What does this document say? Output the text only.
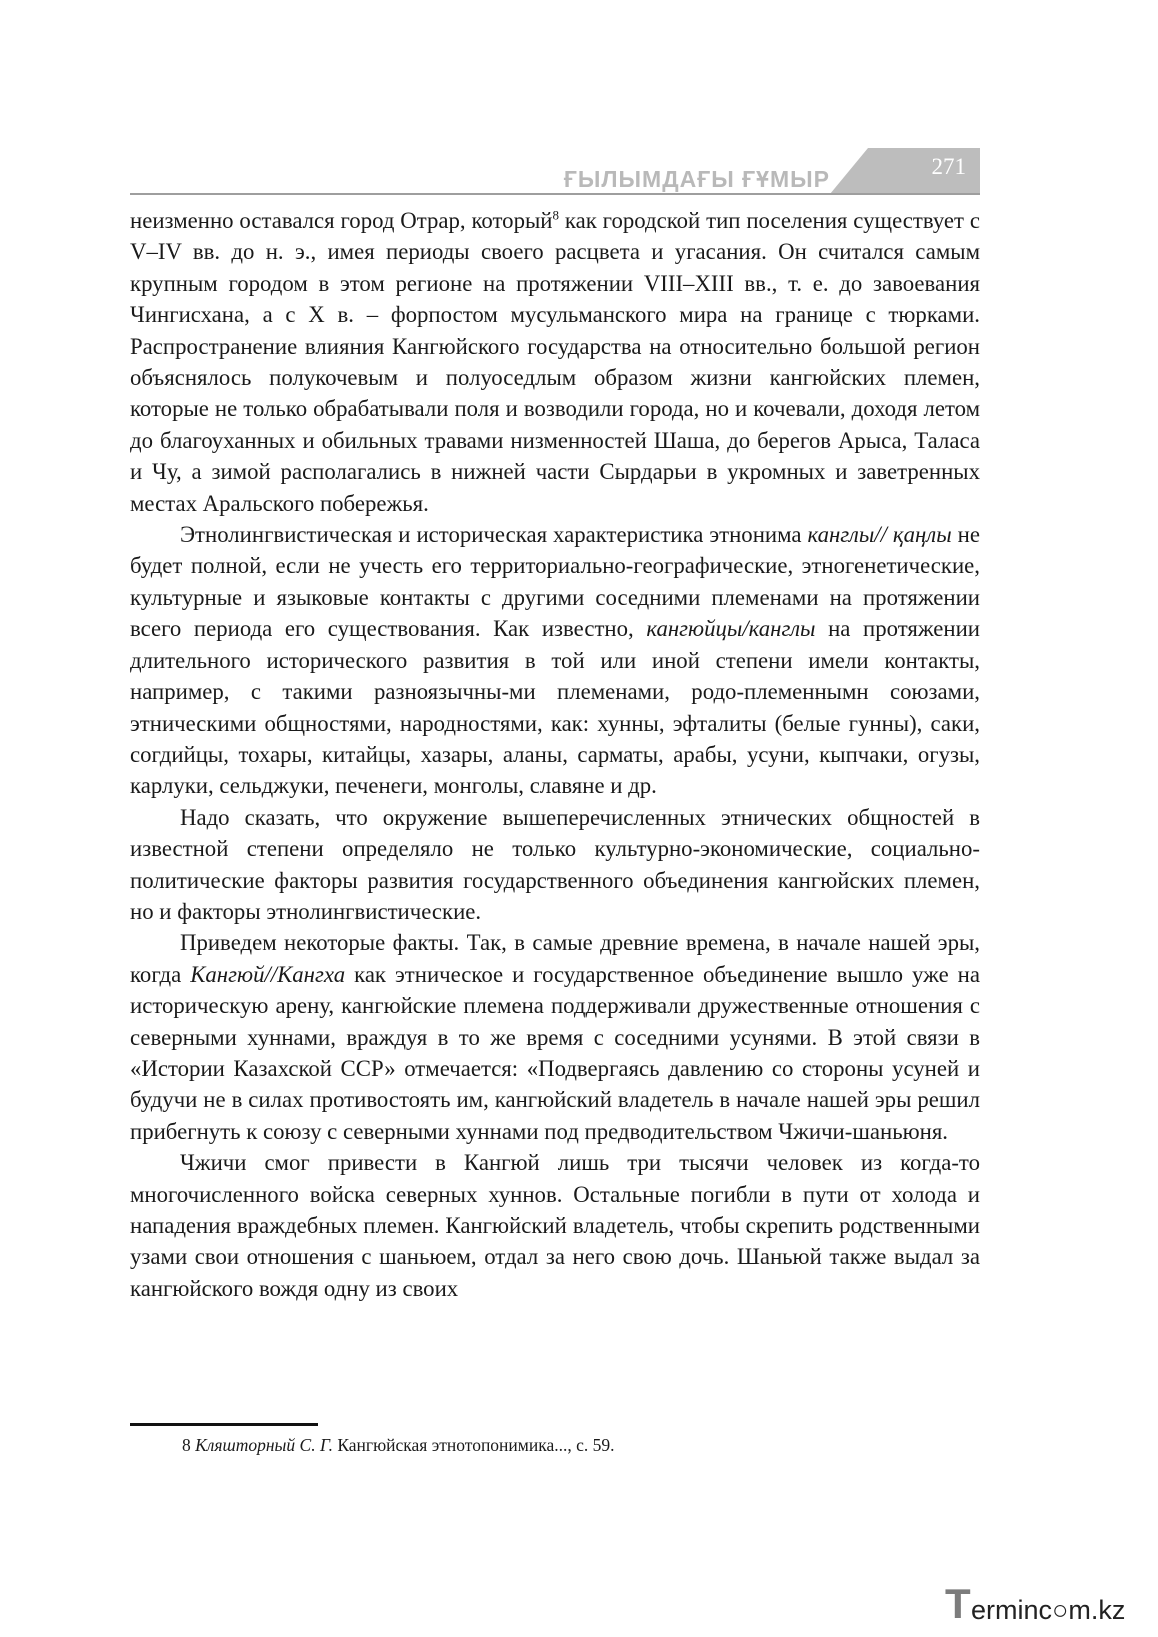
ҒЫЛЫМДАҒЫ ҒҰМЫР	271

неизменно оставался город Отрар, который$^8$ как городской тип поселения существует с V–IV вв. до н. э., имея периоды своего расцвета и угасания. Он считался самым крупным городом в этом регионе на протяжении VIII–XIII вв., т. е. до завоевания Чингисхана, а с X в. – форпостом мусульманского мира на границе с тюрками. Распространение влияния Кангюйского государства на относительно большой регион объяснялось полукочевым и полуоседлым образом жизни кангюйских племен, которые не только обрабатывали поля и возводили города, но и кочевали, доходя летом до благоуханных и обильных травами низменностей Шаша, до берегов Арыса, Таласа и Чу, а зимой располагались в нижней части Сырдарьи в укромных и заветренных местах Аральского побережья.

Этнолингвистическая и историческая характеристика этнонима канглы// қаңлы не будет полной, если не учесть его территориально-географические, этногенетические, культурные и языковые контакты с другими соседними племенами на протяжении всего периода его существования. Как известно, кангюйцы/канглы на протяжении длительного исторического развития в той или иной степени имели контакты, например, с такими разноязычны-ми племенами, родо-племеннымн союзами, этническими общностями, народностями, как: хунны, эфталиты (белые гунны), саки, согдийцы, тохары, китайцы, хазары, аланы, сарматы, арабы, усуни, кыпчаки, огузы, карлуки, сельджуки, печенеги, монголы, славяне и др.

Надо сказать, что окружение вышеперечисленных этнических общностей в известной степени определяло не только культурно-экономические, социально-политические факторы развития государственного объединения кангюйских племен, но и факторы этнолингвистические.

Приведем некоторые факты. Так, в самые древние времена, в начале нашей эры, когда Кангюй//Кангха как этническое и государственное объединение вышло уже на историческую арену, кангюйские племена поддерживали дружественные отношения с северными хуннами, враждуя в то же время с соседними усунями. В этой связи в «Истории Казахской ССР» отмечается: «Подвергаясь давлению со стороны усуней и будучи не в силах противостоять им, кангюйский владетель в начале нашей эры решил прибегнуть к союзу с северными хуннами под предводительством Чжичи-шаньюня.

Чжичи смог привести в Кангюй лишь три тысячи человек из когда-то многочисленного войска северных хуннов. Остальные погибли в пути от холода и нападения враждебных племен. Кангюйский владетель, чтобы скрепить родственными узами свои отношения с шаньюем, отдал за него свою дочь. Шаньюй также выдал за кангюйского вождя одну из своих

8 Кляшторный С. Г. Кангюйская этнотопонимика..., с. 59.
T erminc○m.kz
